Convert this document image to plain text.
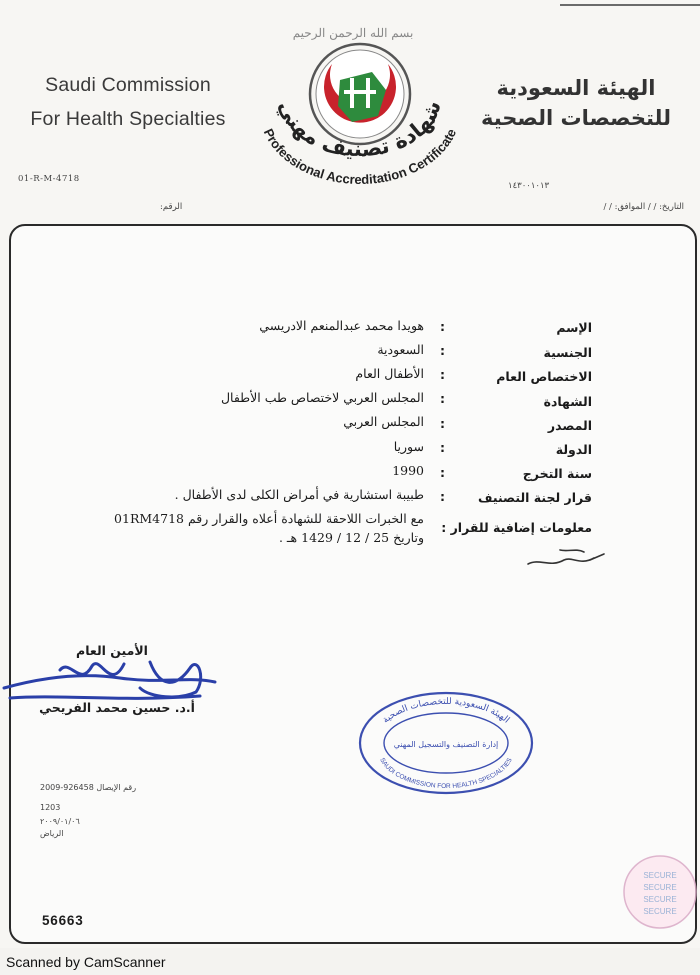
بسم الله الرحمن الرحيم
Saudi Commission
For Health Specialties
الهيئة السعودية
للتخصصات الصحية
شهادة تصنيف مهني
Professional Accreditation Certificate
01-R-M-4718
١٤٣٠٠١٠١٣
التاريخ: / / الموافق: / /
الرقم:
الإسم
:
هويدا محمد عبدالمنعم الادريسي
الجنسية
:
السعودية
الاختصاص العام
:
الأطفال العام
الشهادة
:
المجلس العربي لاختصاص طب الأطفال
المصدر
:
المجلس العربي
الدولة
:
سوريا
سنة التخرج
:
1990
قرار لجنة التصنيف
:
طبيبة استشارية في أمراض الكلى لدى الأطفال .
معلومات إضافية للقرار :
مع الخبرات اللاحقة للشهادة أعلاه والقرار رقم 01RM4718
وتاريخ 25 / 12 / 1429 هـ .
الأمين العام
أ.د. حسين محمد الفريحي
الهيئة السعودية للتخصصات الصحية
إدارة التصنيف والتسجيل المهني
SAUDI COMMISSION FOR HEALTH SPECIALTIES
2009-926458 رقم الإيصال
1203
٢٠٠٩/٠١/٠٦
الرياض
56663
SECURE
SECURE
SECURE
SECURE
Scanned by CamScanner
